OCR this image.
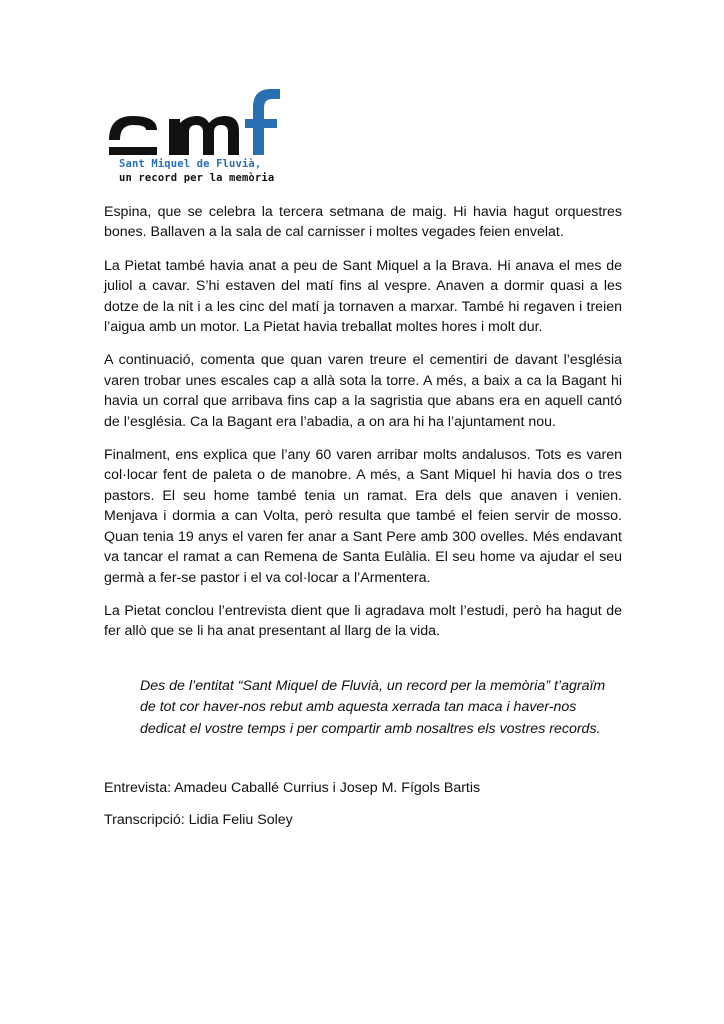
Sant Miquel de Fluvià,
un record per la memòria

Espina, que se celebra la tercera setmana de maig. Hi havia hagut orquestres bones. Ballaven a la sala de cal carnisser i moltes vegades feien envelat.

La Pietat també havia anat a peu de Sant Miquel a la Brava. Hi anava el mes de juliol a cavar. S’hi estaven del matí fins al vespre. Anaven a dormir quasi a les dotze de la nit i a les cinc del matí ja tornaven a marxar. També hi regaven i treien l’aigua amb un motor. La Pietat havia treballat moltes hores i molt dur.

A continuació, comenta que quan varen treure el cementiri de davant l’església varen trobar unes escales cap a allà sota la torre. A més, a baix a ca la Bagant hi havia un corral que arribava fins cap a la sagristia que abans era en aquell cantó de l’església. Ca la Bagant era l’abadia, a on ara hi ha l’ajuntament nou.

Finalment, ens explica que l’any 60 varen arribar molts andalusos. Tots es varen col·locar fent de paleta o de manobre. A més, a Sant Miquel hi havia dos o tres pastors. El seu home també tenia un ramat. Era dels que anaven i venien. Menjava i dormia a can Volta, però resulta que també el feien servir de mosso. Quan tenia 19 anys el varen fer anar a Sant Pere amb 300 ovelles. Més endavant va tancar el ramat a can Remena de Santa Eulàlia. El seu home va ajudar el seu germà a fer-se pastor i el va col·locar a l’Armentera.

La Pietat conclou l’entrevista dient que li agradava molt l’estudi, però ha hagut de fer allò que se li ha anat presentant al llarg de la vida.

Des de l’entitat “Sant Miquel de Fluvià, un record per la memòria” t’agraïm de tot cor haver-nos rebut amb aquesta xerrada tan maca i haver-nos dedicat el vostre temps i per compartir amb nosaltres els vostres records.

Entrevista: Amadeu Caballé Currius i Josep M. Fígols Bartis

Transcripció: Lidia Feliu Soley
